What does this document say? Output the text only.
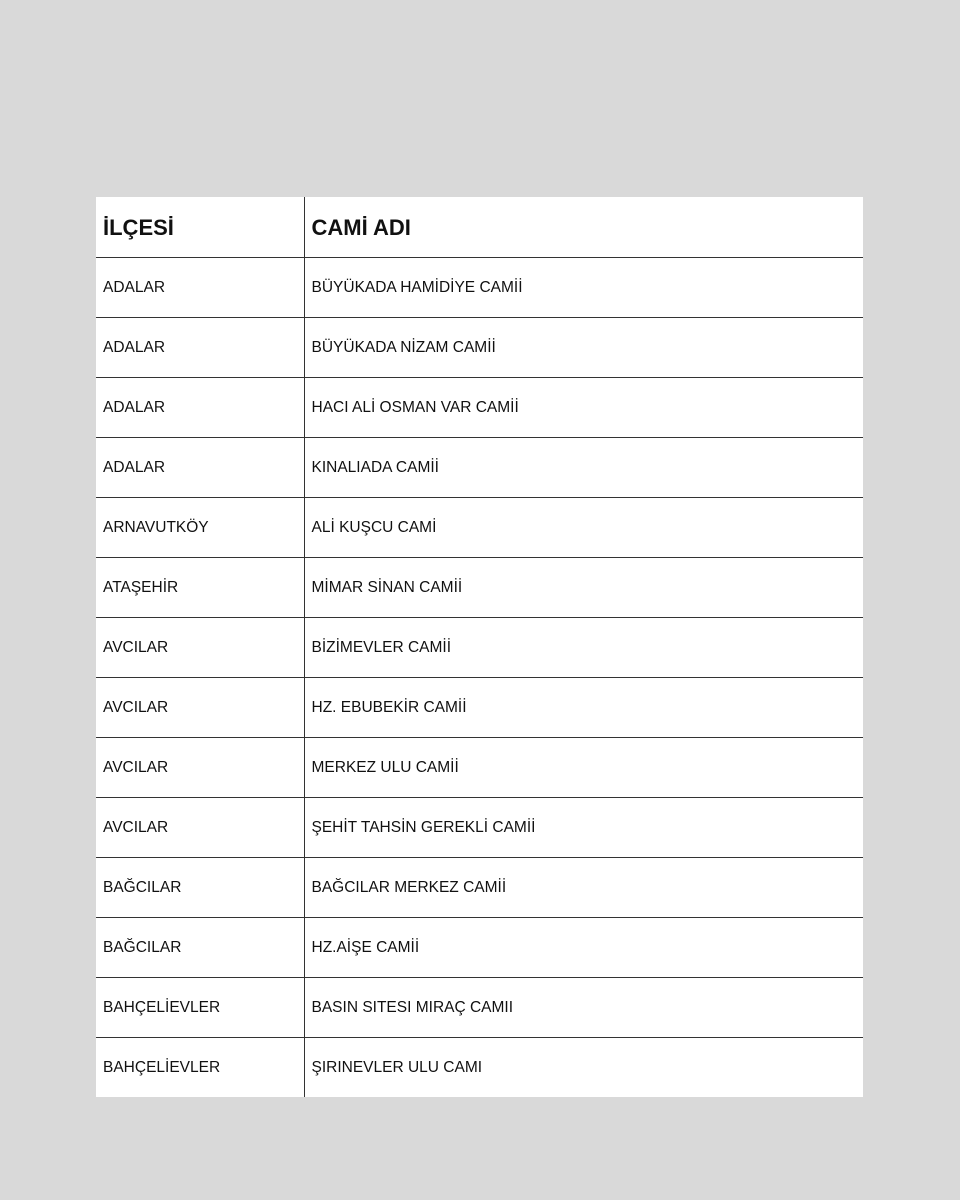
İLÇESİ	CAMİ ADI
ADALAR	BÜYÜKADA HAMİDİYE CAMİİ
ADALAR	BÜYÜKADA NİZAM CAMİİ
ADALAR	HACI ALİ OSMAN VAR CAMİİ
ADALAR	KINALIADA CAMİİ
ARNAVUTKÖY	ALİ KUŞCU CAMİ
ATAŞEHİR	MİMAR SİNAN CAMİİ
AVCILAR	BİZİMEVLER CAMİİ
AVCILAR	HZ. EBUBEKİR CAMİİ
AVCILAR	MERKEZ ULU CAMİİ
AVCILAR	ŞEHİT TAHSİN GEREKLİ CAMİİ
BAĞCILAR	BAĞCILAR MERKEZ CAMİİ
BAĞCILAR	HZ.AİŞE CAMİİ
BAHÇELİEVLER	BASIN SITESI MIRAÇ CAMII
BAHÇELİEVLER	ŞIRINEVLER ULU CAMI
